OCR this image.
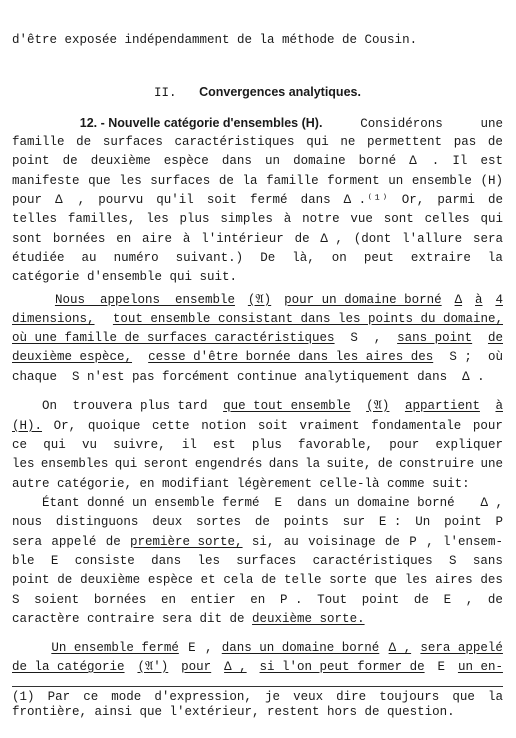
d'être exposée indépendamment de la méthode de Cousin.
II.
Convergences analytiques.

12. - Nouvelle catégorie d'ensembles (H).	Considérons	une
famille de surfaces caractéristiques qui ne permettent pas de
point de deuxième espèce dans un domaine borné Δ  . Il est
manifeste que les surfaces de la famille forment un ensemble (H)
pour Δ  , pourvu qu'il soit fermé dans Δ .⁽¹⁾ Or, parmi de
telles familles, les plus simples à notre vue sont celles qui
sont bornées en aire à l'intérieur de Δ , (dont l'allure sera
étudiée au numéro suivant.) De là, on peut extraire la
catégorie d'ensemble qui suit.

Nous  appelons  ensemble (𝔄) pour un domaine borné Δ à 4
dimensions, tout ensemble consistant dans les points du domaine,
où une famille de surfaces caractéristiques S , sans point de
deuxième espèce, cesse d'être bornée dans les aires des S ; où
chaque  S n'est pas forcément continue analytiquement dans  Δ .
On trouvera plus tard que tout ensemble (𝔄) appartient à
(H). Or, quoique cette notion soit vraiment fondamentale pour
ce qui vu suivre, il est plus favorable, pour expliquer
les ensembles qui seront engendrés dans la suite, de construire une
autre catégorie, en modifiant légèrement celle-là comme suit:
Étant donné un ensemble fermé  E  dans un domaine borné Δ ,
nous distinguons deux sortes de points sur E : Un point P
sera appelé de première sorte, si, au voisinage de P , l'ensem-
ble E consiste dans les surfaces caractéristiques S sans
point de deuxième espèce et cela de telle sorte que les aires des
S soient bornées en entier en P . Tout point de E , de
caractère contraire sera dit de deuxième sorte.

Un ensemble fermé E , dans un domaine borné Δ , sera appelé
de la catégorie (𝔄') pour Δ , si l'on peut former de E un en-
(1) Par ce mode d'expression, je veux dire toujours que la
frontière, ainsi que l'extérieur, restent hors de question.
